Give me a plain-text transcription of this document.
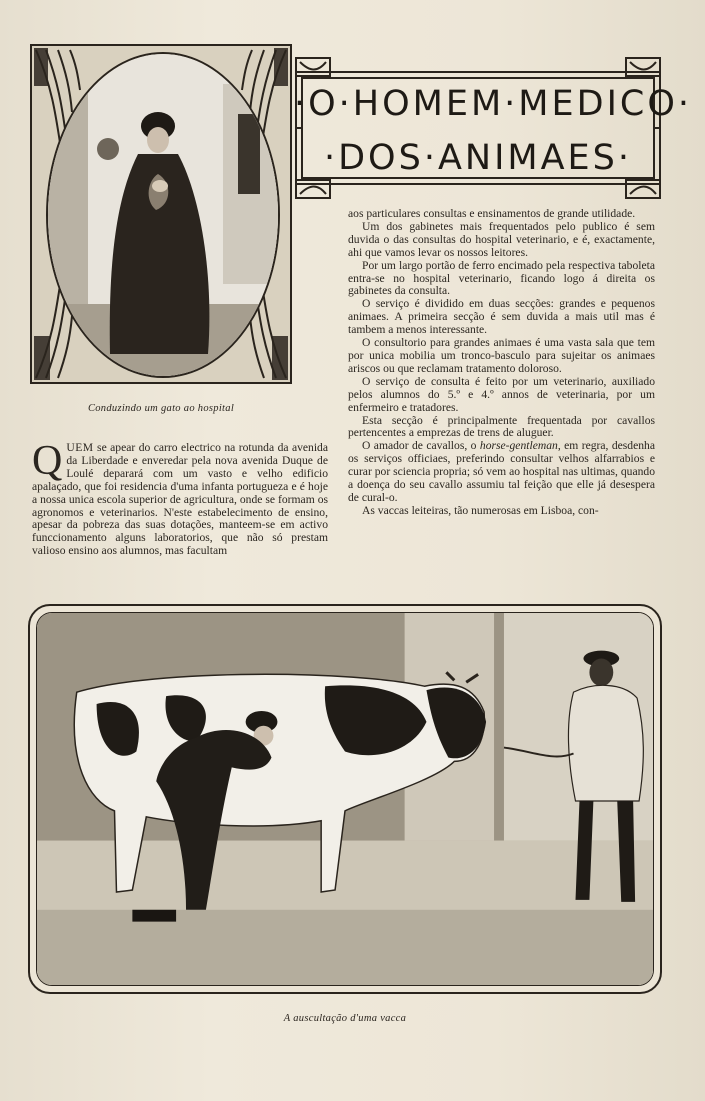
Conduzindo um gato ao hospital
·O·HOMEM·MEDICO·
·DOS·ANIMAES·

QUEM se apear do carro electrico na rotunda da avenida da Liberdade e enveredar pela nova avenida Duque de Loulé deparará com um vasto e velho edificio apalaçado, que foi residencia d'uma infanta portugueza e é hoje a nossa unica escola superior de agricultura, onde se formam os agronomos e veterinarios. N'este estabelecimento de ensino, apesar da pobreza das suas dotações, manteem-se em activo funccionamento alguns laboratorios, que não só prestam valioso ensino aos alumnos, mas facultam

aos particulares consultas e ensinamentos de grande utilidade.

Um dos gabinetes mais frequentados pelo publico é sem duvida o das consultas do hospital veterinario, e é, exactamente, ahi que vamos levar os nossos leitores.

Por um largo portão de ferro encimado pela respectiva taboleta entra-se no hospital veterinario, ficando logo á direita os gabinetes da consulta.

O serviço é dividido em duas secções: grandes e pequenos animaes. A primeira secção é sem duvida a mais util mas é tambem a menos interessante.

O consultorio para grandes animaes é uma vasta sala que tem por unica mobilia um tronco-basculo para sujeitar os animaes ariscos ou que reclamam tratamento doloroso.

O serviço de consulta é feito por um veterinario, auxiliado pelos alumnos do 5.º e 4.º annos de veterinaria, por um enfermeiro e tratadores.

Esta secção é principalmente frequentada por cavallos pertencentes a emprezas de trens de aluguer.

O amador de cavallos, o horse-gentleman, em regra, desdenha os serviços officiaes, preferindo consultar velhos alfarrabios e curar por sciencia propria; só vem ao hospital nas ultimas, quando a doença do seu cavallo assumiu tal feição que elle já desespera de cural-o.

As vaccas leiteiras, tão numerosas em Lisboa, con-

A auscultação d'uma vacca
